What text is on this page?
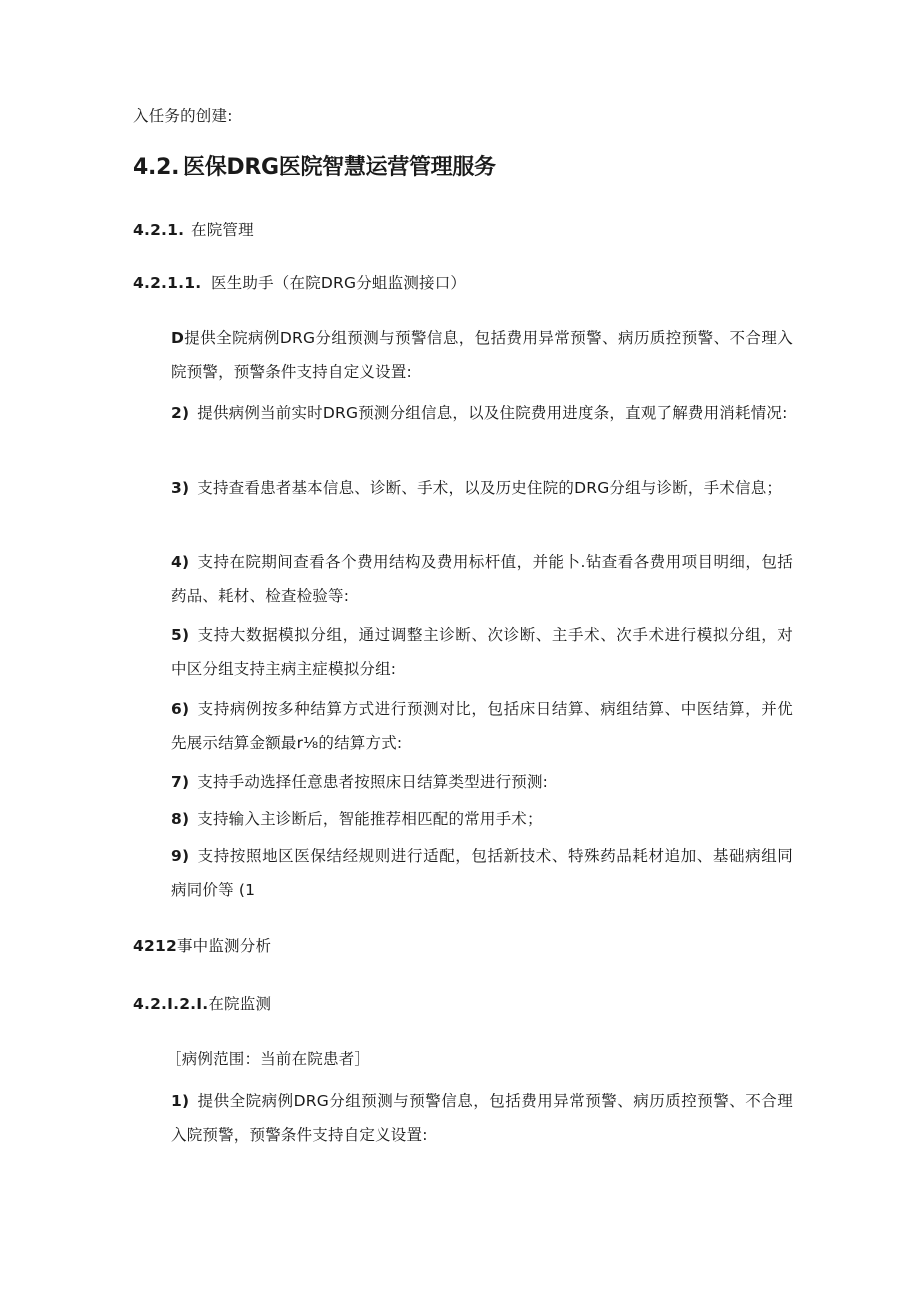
入任务的创建:
4.2. 医保DRG医院智慧运营管理服务
4.2.1. 在院管理
4.2.1.1. 医生助手（在院DRG分蛆监测接口）
D提供全院病例DRG分组预测与预警信息，包括费用异常预警、病历质控预警、不合理入院预警，预警条件支持自定义设置:
2) 提供病例当前实时DRG预测分组信息，以及住院费用进度条，直观了解费用消耗情况:
3) 支持查看患者基本信息、诊断、手术，以及历史住院的DRG分组与诊断，手术信息；
4) 支持在院期间查看各个费用结构及费用标杆值，并能卜.钻查看各费用项目明细，包括药品、耗材、检查检验等:
5) 支持大数据模拟分组，通过调整主诊断、次诊断、主手术、次手术进行模拟分组，对中区分组支持主病主症模拟分组:
6) 支持病例按多种结算方式进行预测对比，包括床日结算、病组结算、中医结算，并优先展示结算金额最r⅛的结算方式:
7) 支持手动选择任意患者按照床日结算类型进行预测:
8) 支持输入主诊断后，智能推荐相匹配的常用手术；
9) 支持按照地区医保结经规则进行适配，包括新技术、特殊药品耗材追加、基础病组同病同价等 (1
4212事中监测分析
4.2.I.2.I.在院监测
［病例范围：当前在院患者］
1) 提供全院病例DRG分组预测与预警信息，包括费用异常预警、病历质控预警、不合理入院预警，预警条件支持自定义设置:
